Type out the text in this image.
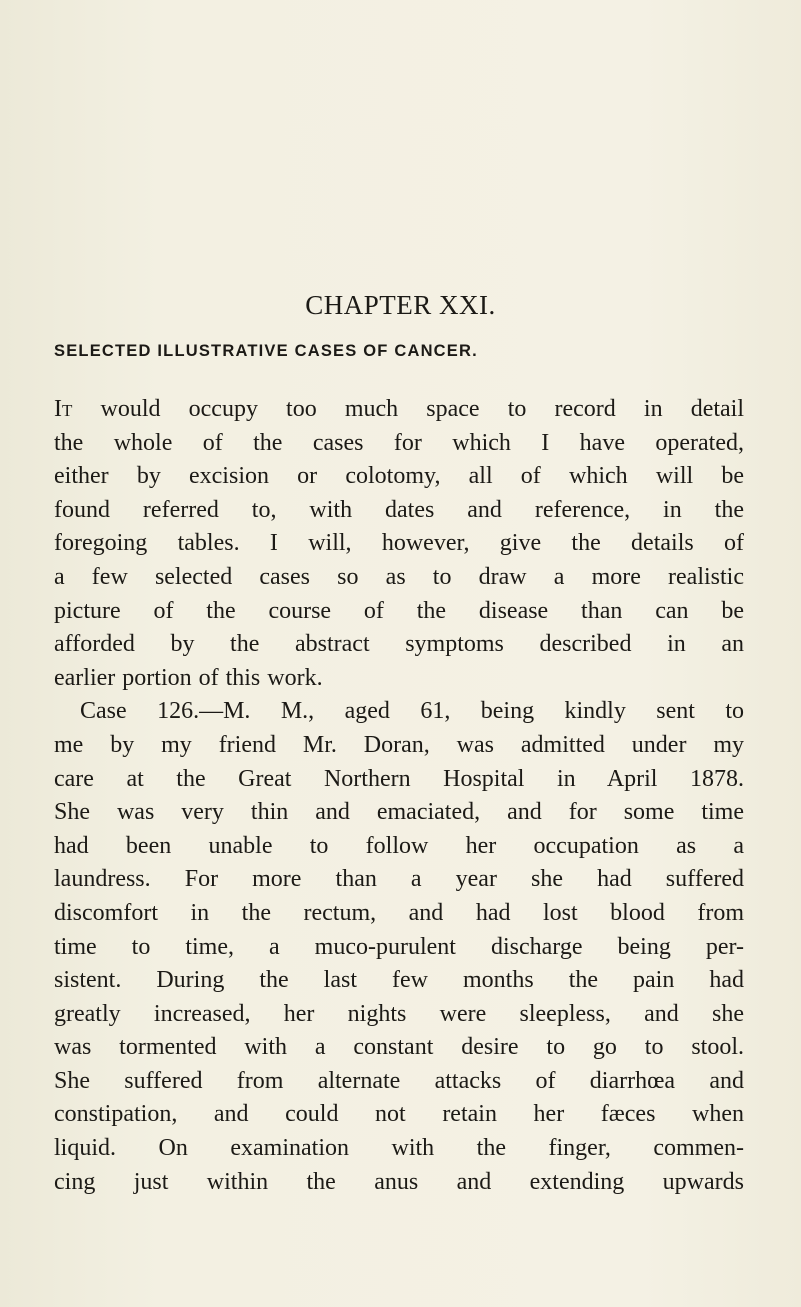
CHAPTER XXI.
SELECTED ILLUSTRATIVE CASES OF CANCER.
It would occupy too much space to record in detail
the whole of the cases for which I have operated,
either by excision or colotomy, all of which will be
found referred to, with dates and reference, in the
foregoing tables. I will, however, give the details of
a few selected cases so as to draw a more realistic
picture of the course of the disease than can be
afforded by the abstract symptoms described in an
earlier portion of this work.
Case 126.—M. M., aged 61, being kindly sent to
me by my friend Mr. Doran, was admitted under my
care at the Great Northern Hospital in April 1878.
She was very thin and emaciated, and for some time
had been unable to follow her occupation as a
laundress. For more than a year she had suffered
discomfort in the rectum, and had lost blood from
time to time, a muco-purulent discharge being per-
sistent. During the last few months the pain had
greatly increased, her nights were sleepless, and she
was tormented with a constant desire to go to stool.
She suffered from alternate attacks of diarrhœa and
constipation, and could not retain her fæces when
liquid. On examination with the finger, commen-
cing just within the anus and extending upwards
